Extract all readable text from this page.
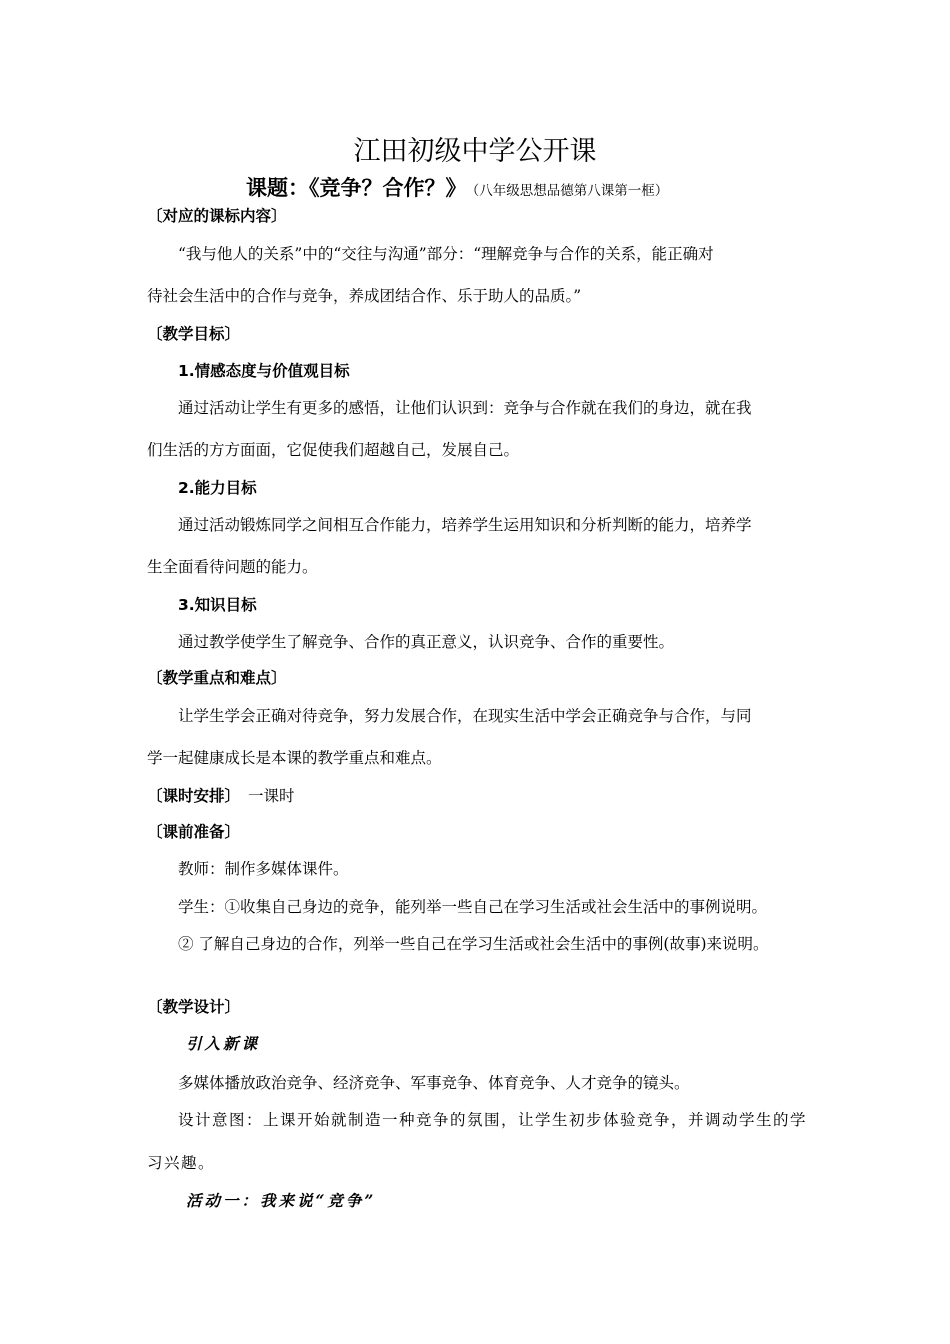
江田初级中学公开课
课题：《竞争？合作？》 （八年级思想品德第八课第一框）
〔对应的课标内容〕
“我与他人的关系”中的“交往与沟通”部分：“理解竞争与合作的关系，能正确对
待社会生活中的合作与竞争，养成团结合作、乐于助人的品质。”
〔教学目标〕
1.情感态度与价值观目标
通过活动让学生有更多的感悟，让他们认识到：竞争与合作就在我们的身边，就在我
们生活的方方面面，它促使我们超越自己，发展自己。
2.能力目标
通过活动锻炼同学之间相互合作能力，培养学生运用知识和分析判断的能力，培养学
生全面看待问题的能力。
3.知识目标
通过教学使学生了解竞争、合作的真正意义，认识竞争、合作的重要性。
〔教学重点和难点〕
让学生学会正确对待竞争，努力发展合作，在现实生活中学会正确竞争与合作，与同
学一起健康成长是本课的教学重点和难点。
〔课时安排〕 一课时
〔课前准备〕
教师：制作多媒体课件。
学生：①收集自己身边的竞争，能列举一些自己在学习生活或社会生活中的事例说明。
② 了解自己身边的合作，列举一些自己在学习生活或社会生活中的事例(故事)来说明。
〔教学设计〕
引入新课
多媒体播放政治竞争、经济竞争、军事竞争、体育竞争、人才竞争的镜头。
设计意图：上课开始就制造一种竞争的氛围，让学生初步体验竞争，并调动学生的学
习兴趣。
活动一：我来说“竞争”
